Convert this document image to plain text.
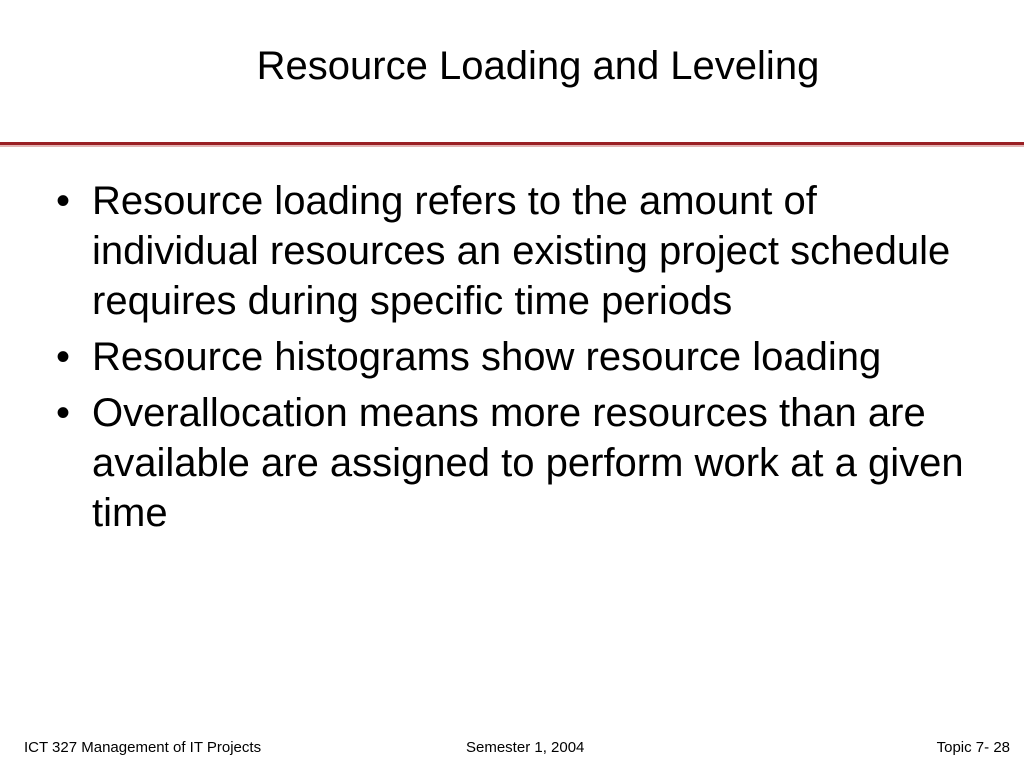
Resource Loading and Leveling
• Resource loading refers to the amount of individual resources an existing project schedule requires during specific time periods
• Resource histograms show resource loading
• Overallocation means more resources than are available are assigned to perform work at a given time
ICT 327 Management of IT Projects	Semester 1, 2004	Topic 7- 28
